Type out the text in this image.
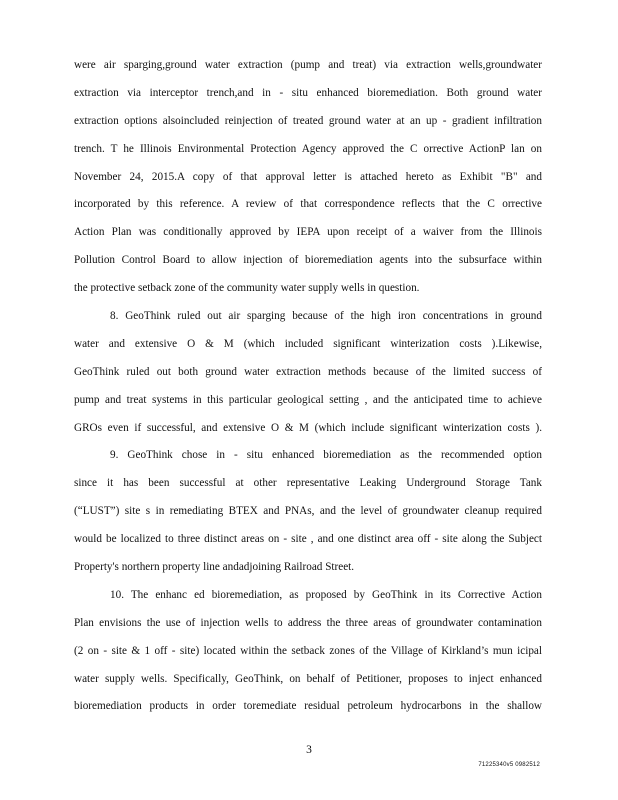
were air sparging,ground water extraction (pump and treat) via extraction wells,groundwater
extraction via interceptor trench,and in - situ enhanced bioremediation. Both ground water
extraction options alsoincluded reinjection of treated ground water at an up - gradient infiltration
trench. T he Illinois Environmental Protection Agency approved the C orrective ActionP lan on
November 24, 2015.A copy of that approval letter is attached hereto as Exhibit "B" and
incorporated by this reference. A review of that correspondence reflects that the C orrective
Action Plan was conditionally approved by IEPA upon receipt of a waiver from the Illinois
Pollution Control Board to allow injection of bioremediation agents into the subsurface within
the protective setback zone of the community water supply wells in question.
8. GeoThink ruled out air sparging because of the high iron concentrations in ground
water and extensive O & M (which included significant winterization costs ).Likewise,
GeoThink ruled out both ground water extraction methods because of the limited success of
pump and treat systems in this particular geological setting , and the anticipated time to achieve
GROs even if successful, and extensive O & M (which include significant winterization costs ).
9. GeoThink chose in - situ enhanced bioremediation as the recommended option
since it has been successful at other representative Leaking Underground Storage Tank
(“LUST”) site s in remediating BTEX and PNAs, and the level of groundwater cleanup required
would be localized to three distinct areas on - site , and one distinct area off - site along the Subject
Property's northern property line andadjoining Railroad Street.
10. The enhanc ed bioremediation, as proposed by GeoThink in its Corrective Action
Plan envisions the use of injection wells to address the three areas of groundwater contamination
(2 on - site & 1 off - site) located within the setback zones of the Village of Kirkland’s mun icipal
water supply wells. Specifically, GeoThink, on behalf of Petitioner, proposes to inject enhanced
bioremediation products in order toremediate residual petroleum hydrocarbons in the shallow
3
71225340v5 0982512
